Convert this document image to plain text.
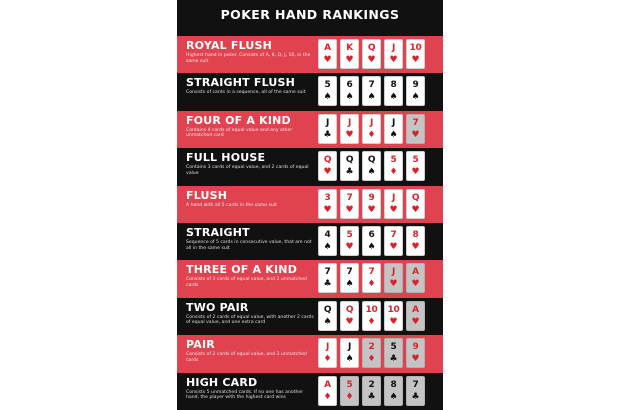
POKER HAND RANKINGS
ROYAL FLUSH
Highest hand in poker. Consists of A, K, Q, J, 10, in the same suit
A
♥
K
♥
Q
♥
J
♥
10
♥
STRAIGHT FLUSH
Consists of cards in a sequence, all of the same suit
5
♠
6
♠
7
♠
8
♠
9
♠
FOUR OF A KIND
Contains 4 cards of equal value and any other unmatched card
J
♣
J
♥
J
♦
J
♠
7
♥
FULL HOUSE
Contains 3 cards of equal value, and 2 cards of equal value
Q
♥
Q
♣
Q
♠
5
♦
5
♥
FLUSH
A hand with all 5 cards in the same suit
3
♥
7
♥
9
♥
J
♥
Q
♥
STRAIGHT
Sequence of 5 cards in consecutive value, that are not all in the same suit
4
♠
5
♥
6
♠
7
♥
8
♥
THREE OF A KIND
Consists of 3 cards of equal value, and 2 unmatched cards
7
♣
7
♠
7
♦
J
♥
A
♥
TWO PAIR
Consists of 2 cards of equal value, with another 2 cards of equal value, and one extra card
Q
♠
Q
♥
10
♦
10
♥
A
♥
PAIR
Consists of 2 cards of equal value, and 3 unmatched cards
J
♦
J
♠
2
♦
5
♣
9
♥
HIGH CARD
Consists 5 unmatched cards. If no one has another hand, the player with the highest card wins
A
♦
5
♦
2
♣
8
♠
7
♣
